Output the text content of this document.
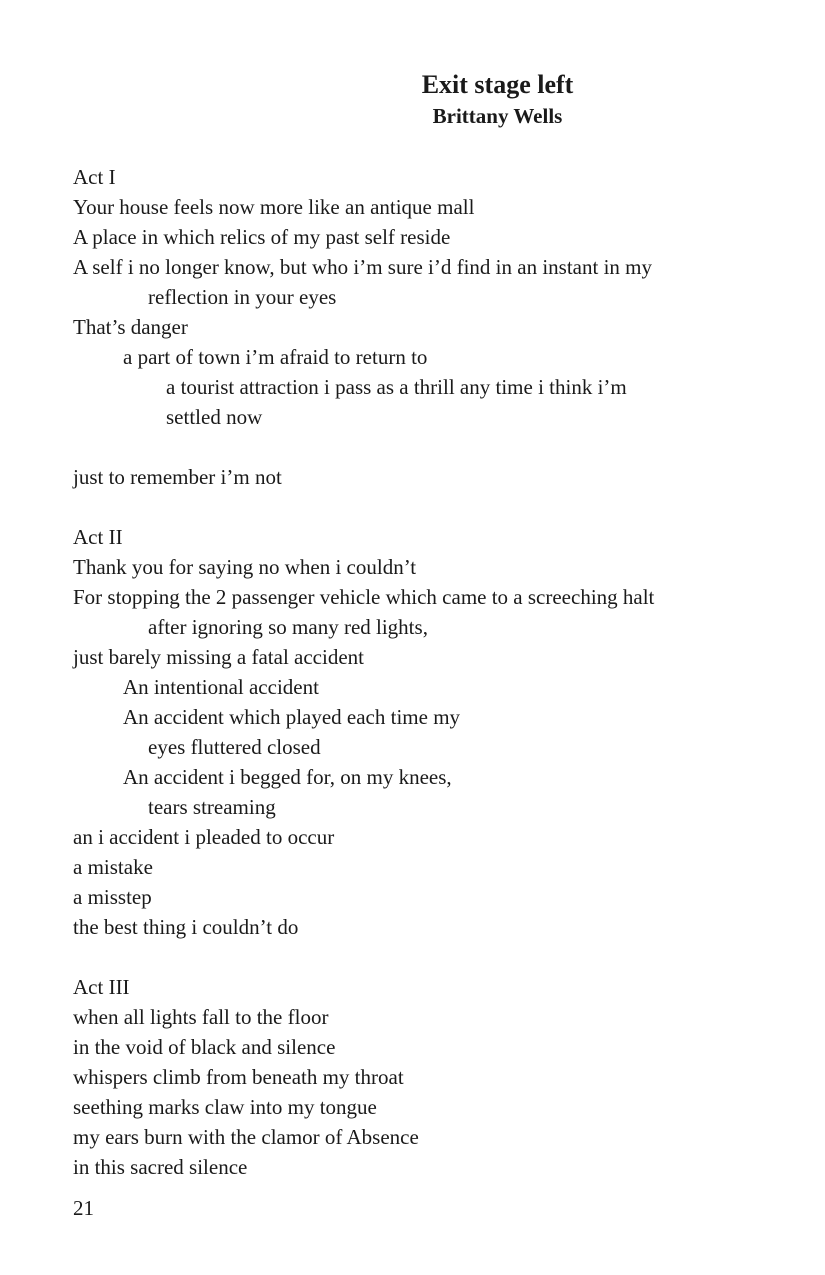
Exit stage left
Brittany Wells
Act I
Your house feels now more like an antique mall
A place in which relics of my past self reside
A self i no longer know, but who i’m sure i’d find in an instant in my
reflection in your eyes
That’s danger
a part of town i’m afraid to return to
a tourist attraction i pass as a thrill any time i think i’m
settled now

just to remember i’m not

Act II
Thank you for saying no when i couldn’t
For stopping the 2 passenger vehicle which came to a screeching halt
after ignoring so many red lights,
just barely missing a fatal accident
An intentional accident
An accident which played each time my
eyes fluttered closed
An accident i begged for, on my knees,
tears streaming
an i accident i pleaded to occur
a mistake
a misstep
the best thing i couldn’t do

Act III
when all lights fall to the floor
in the void of black and silence
whispers climb from beneath my throat
seething marks claw into my tongue
my ears burn with the clamor of Absence
in this sacred silence
21
